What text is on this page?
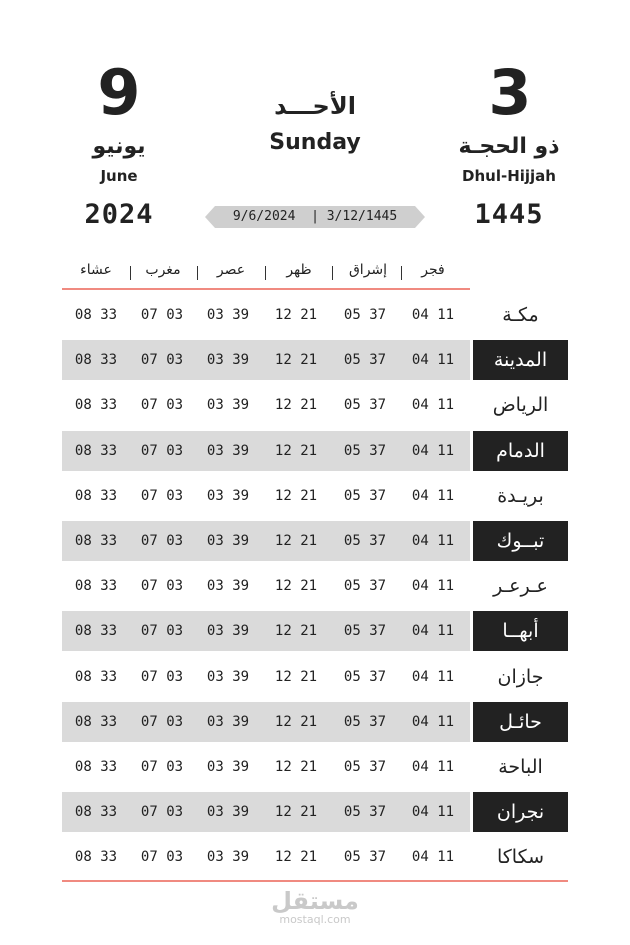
9
يونيو
June
2024
الأحـــد
Sunday
3
ذو الحجـة
Dhul-Hijjah
1445
9/6/2024  | 3/12/1445
فجر
إشراق
ظهر
عصر
مغرب
عشاء
مكـة
04 11
05 37
12 21
03 39
07 03
08 33
المدينة
04 11
05 37
12 21
03 39
07 03
08 33
الرياض
04 11
05 37
12 21
03 39
07 03
08 33
الدمام
04 11
05 37
12 21
03 39
07 03
08 33
بريـدة
04 11
05 37
12 21
03 39
07 03
08 33
تبــوك
04 11
05 37
12 21
03 39
07 03
08 33
عـرعـر
04 11
05 37
12 21
03 39
07 03
08 33
أبهــا
04 11
05 37
12 21
03 39
07 03
08 33
جازان
04 11
05 37
12 21
03 39
07 03
08 33
حائـل
04 11
05 37
12 21
03 39
07 03
08 33
الباحة
04 11
05 37
12 21
03 39
07 03
08 33
نجران
04 11
05 37
12 21
03 39
07 03
08 33
سكاكا
04 11
05 37
12 21
03 39
07 03
08 33
مستقل
mostaql.com
